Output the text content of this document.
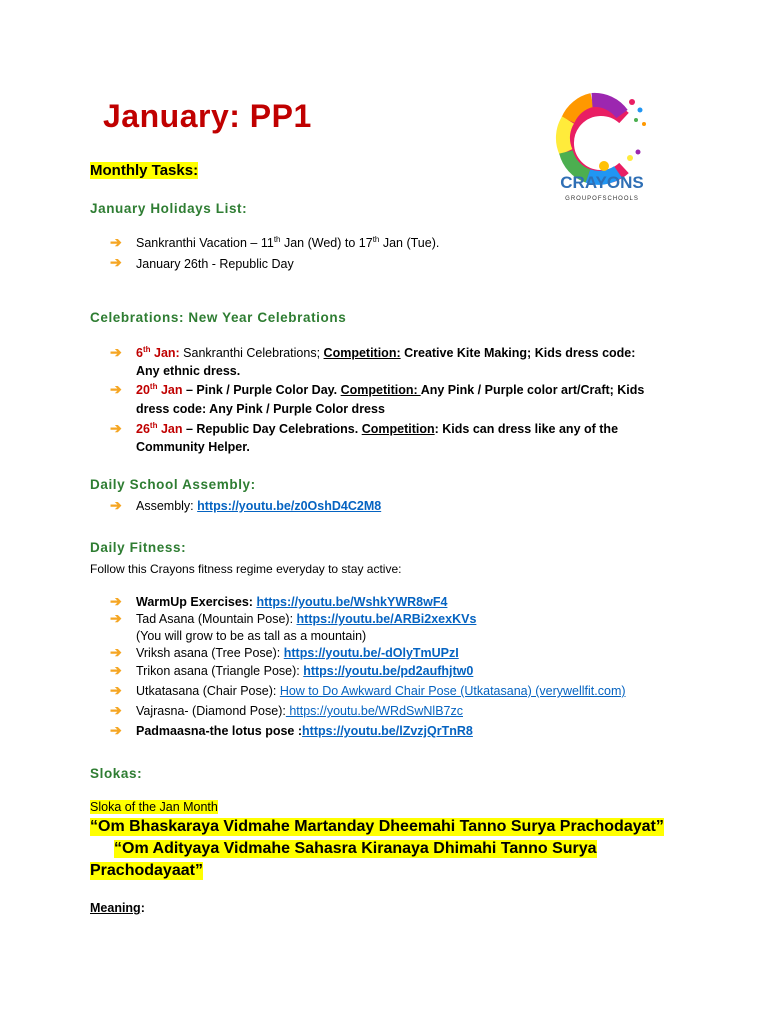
January: PP1
CRAYONS
GROUPOFSCHOOLS
Monthly Tasks:
January Holidays List:
➔ Sankranthi Vacation – 11th Jan (Wed) to 17th Jan (Tue).
➔ January 26th - Republic Day
Celebrations: New Year Celebrations
➔ 6th Jan: Sankranthi Celebrations; Competition: Creative Kite Making; Kids dress code:
Any ethnic dress.
➔ 20th Jan – Pink / Purple Color Day. Competition: Any Pink / Purple color art/Craft; Kids
dress code: Any Pink / Purple Color dress
➔ 26th Jan – Republic Day Celebrations. Competition: Kids can dress like any of the
Community Helper.
Daily School Assembly:
➔ Assembly: https://youtu.be/z0OshD4C2M8
Daily Fitness:
Follow this Crayons fitness regime everyday to stay active:
➔ WarmUp Exercises: https://youtu.be/WshkYWR8wF4
➔ Tad Asana (Mountain Pose): https://youtu.be/ARBi2xexKVs
(You will grow to be as tall as a mountain)
➔ Vriksh asana (Tree Pose): https://youtu.be/-dOlyTmUPzI
➔ Trikon asana (Triangle Pose): https://youtu.be/pd2aufhjtw0
➔ Utkatasana (Chair Pose): How to Do Awkward Chair Pose (Utkatasana) (verywellfit.com)
➔ Vajrasna- (Diamond Pose): https://youtu.be/WRdSwNlB7zc
➔ Padmaasna-the lotus pose :https://youtu.be/lZvzjQrTnR8
Slokas:
Sloka of the Jan Month
“Om Bhaskaraya Vidmahe Martanday Dheemahi Tanno Surya Prachodayat”
“Om Adityaya Vidmahe Sahasra Kiranaya Dhimahi Tanno Surya
Prachodayaat”
Meaning:
